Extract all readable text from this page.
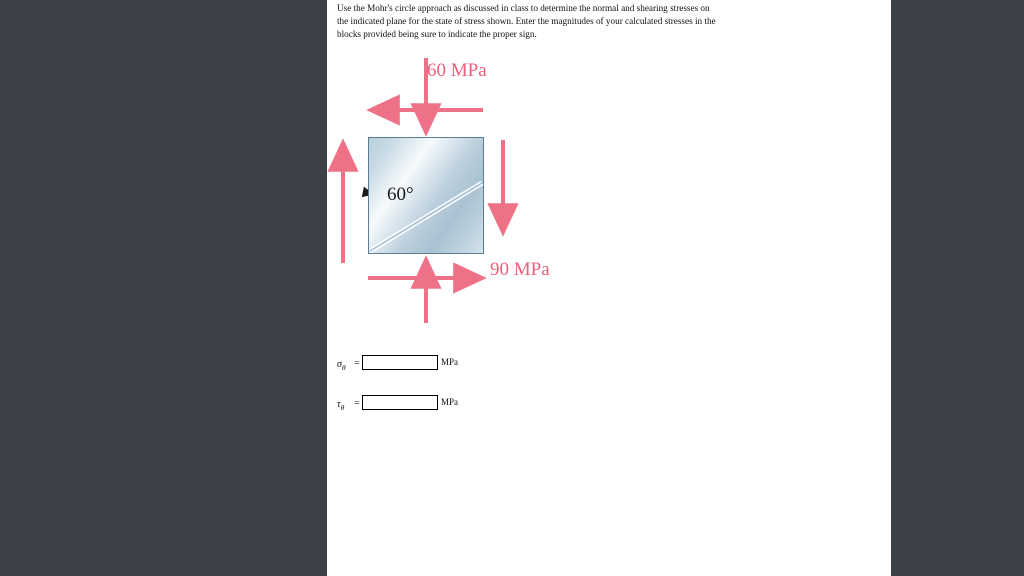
Use the Mohr's circle approach as discussed in class to determine the normal and shearing stresses on the indicated plane for the state of stress shown. Enter the magnitudes of your calculated stresses in the blocks provided being sure to indicate the proper sign.
60°
60 MPa
90 MPa
$\sigma_\theta$ =	MPa
$\tau_\theta$ =	MPa
